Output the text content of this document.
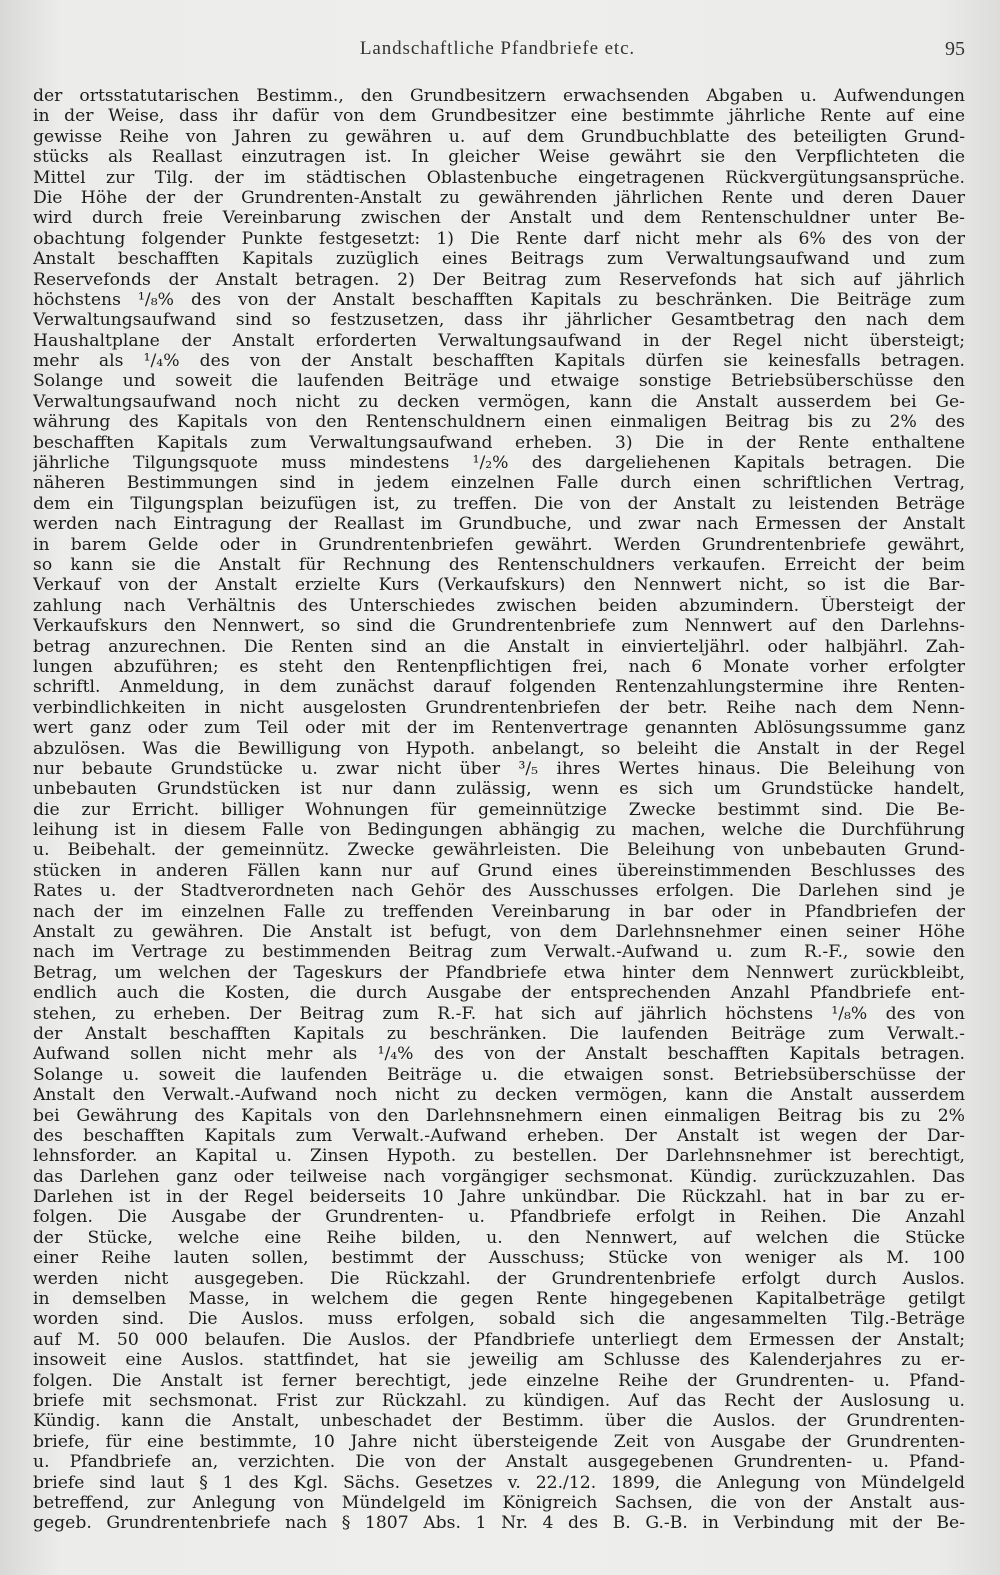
Landschaftliche Pfandbriefe etc.	95
der ortsstatutarischen Bestimm., den Grundbesitzern erwachsenden Abgaben u. Aufwendungen
in der Weise, dass ihr dafür von dem Grundbesitzer eine bestimmte jährliche Rente auf eine
gewisse Reihe von Jahren zu gewähren u. auf dem Grundbuchblatte des beteiligten Grund-
stücks als Reallast einzutragen ist. In gleicher Weise gewährt sie den Verpflichteten die
Mittel zur Tilg. der im städtischen Oblastenbuche eingetragenen Rückvergütungsansprüche.
Die Höhe der der Grundrenten-Anstalt zu gewährenden jährlichen Rente und deren Dauer
wird durch freie Vereinbarung zwischen der Anstalt und dem Rentenschuldner unter Be-
obachtung folgender Punkte festgesetzt: 1) Die Rente darf nicht mehr als 6% des von der
Anstalt beschafften Kapitals zuzüglich eines Beitrags zum Verwaltungsaufwand und zum
Reservefonds der Anstalt betragen. 2) Der Beitrag zum Reservefonds hat sich auf jährlich
höchstens ¹/₈% des von der Anstalt beschafften Kapitals zu beschränken. Die Beiträge zum
Verwaltungsaufwand sind so festzusetzen, dass ihr jährlicher Gesamtbetrag den nach dem
Haushaltplane der Anstalt erforderten Verwaltungsaufwand in der Regel nicht übersteigt;
mehr als ¹/₄% des von der Anstalt beschafften Kapitals dürfen sie keinesfalls betragen.
Solange und soweit die laufenden Beiträge und etwaige sonstige Betriebsüberschüsse den
Verwaltungsaufwand noch nicht zu decken vermögen, kann die Anstalt ausserdem bei Ge-
währung des Kapitals von den Rentenschuldnern einen einmaligen Beitrag bis zu 2% des
beschafften Kapitals zum Verwaltungsaufwand erheben. 3) Die in der Rente enthaltene
jährliche Tilgungsquote muss mindestens ¹/₂% des dargeliehenen Kapitals betragen. Die
näheren Bestimmungen sind in jedem einzelnen Falle durch einen schriftlichen Vertrag,
dem ein Tilgungsplan beizufügen ist, zu treffen. Die von der Anstalt zu leistenden Beträge
werden nach Eintragung der Reallast im Grundbuche, und zwar nach Ermessen der Anstalt
in barem Gelde oder in Grundrentenbriefen gewährt. Werden Grundrentenbriefe gewährt,
so kann sie die Anstalt für Rechnung des Rentenschuldners verkaufen. Erreicht der beim
Verkauf von der Anstalt erzielte Kurs (Verkaufskurs) den Nennwert nicht, so ist die Bar-
zahlung nach Verhältnis des Unterschiedes zwischen beiden abzumindern. Übersteigt der
Verkaufskurs den Nennwert, so sind die Grundrentenbriefe zum Nennwert auf den Darlehns-
betrag anzurechnen. Die Renten sind an die Anstalt in einvierteljährl. oder halbjährl. Zah-
lungen abzuführen; es steht den Rentenpflichtigen frei, nach 6 Monate vorher erfolgter
schriftl. Anmeldung, in dem zunächst darauf folgenden Rentenzahlungstermine ihre Renten-
verbindlichkeiten in nicht ausgelosten Grundrentenbriefen der betr. Reihe nach dem Nenn-
wert ganz oder zum Teil oder mit der im Rentenvertrage genannten Ablösungssumme ganz
abzulösen. Was die Bewilligung von Hypoth. anbelangt, so beleiht die Anstalt in der Regel
nur bebaute Grundstücke u. zwar nicht über ³/₅ ihres Wertes hinaus. Die Beleihung von
unbebauten Grundstücken ist nur dann zulässig, wenn es sich um Grundstücke handelt,
die zur Erricht. billiger Wohnungen für gemeinnützige Zwecke bestimmt sind. Die Be-
leihung ist in diesem Falle von Bedingungen abhängig zu machen, welche die Durchführung
u. Beibehalt. der gemeinnütz. Zwecke gewährleisten. Die Beleihung von unbebauten Grund-
stücken in anderen Fällen kann nur auf Grund eines übereinstimmenden Beschlusses des
Rates u. der Stadtverordneten nach Gehör des Ausschusses erfolgen. Die Darlehen sind je
nach der im einzelnen Falle zu treffenden Vereinbarung in bar oder in Pfandbriefen der
Anstalt zu gewähren. Die Anstalt ist befugt, von dem Darlehnsnehmer einen seiner Höhe
nach im Vertrage zu bestimmenden Beitrag zum Verwalt.-Aufwand u. zum R.-F., sowie den
Betrag, um welchen der Tageskurs der Pfandbriefe etwa hinter dem Nennwert zurückbleibt,
endlich auch die Kosten, die durch Ausgabe der entsprechenden Anzahl Pfandbriefe ent-
stehen, zu erheben. Der Beitrag zum R.-F. hat sich auf jährlich höchstens ¹/₈% des von
der Anstalt beschafften Kapitals zu beschränken. Die laufenden Beiträge zum Verwalt.-
Aufwand sollen nicht mehr als ¹/₄% des von der Anstalt beschafften Kapitals betragen.
Solange u. soweit die laufenden Beiträge u. die etwaigen sonst. Betriebsüberschüsse der
Anstalt den Verwalt.-Aufwand noch nicht zu decken vermögen, kann die Anstalt ausserdem
bei Gewährung des Kapitals von den Darlehnsnehmern einen einmaligen Beitrag bis zu 2%
des beschafften Kapitals zum Verwalt.-Aufwand erheben. Der Anstalt ist wegen der Dar-
lehnsforder. an Kapital u. Zinsen Hypoth. zu bestellen. Der Darlehnsnehmer ist berechtigt,
das Darlehen ganz oder teilweise nach vorgängiger sechsmonat. Kündig. zurückzuzahlen. Das
Darlehen ist in der Regel beiderseits 10 Jahre unkündbar. Die Rückzahl. hat in bar zu er-
folgen. Die Ausgabe der Grundrenten- u. Pfandbriefe erfolgt in Reihen. Die Anzahl
der Stücke, welche eine Reihe bilden, u. den Nennwert, auf welchen die Stücke
einer Reihe lauten sollen, bestimmt der Ausschuss; Stücke von weniger als M. 100
werden nicht ausgegeben. Die Rückzahl. der Grundrentenbriefe erfolgt durch Auslos.
in demselben Masse, in welchem die gegen Rente hingegebenen Kapitalbeträge getilgt
worden sind. Die Auslos. muss erfolgen, sobald sich die angesammelten Tilg.-Beträge
auf M. 50 000 belaufen. Die Auslos. der Pfandbriefe unterliegt dem Ermessen der Anstalt;
insoweit eine Auslos. stattfindet, hat sie jeweilig am Schlusse des Kalenderjahres zu er-
folgen. Die Anstalt ist ferner berechtigt, jede einzelne Reihe der Grundrenten- u. Pfand-
briefe mit sechsmonat. Frist zur Rückzahl. zu kündigen. Auf das Recht der Auslosung u.
Kündig. kann die Anstalt, unbeschadet der Bestimm. über die Auslos. der Grundrenten-
briefe, für eine bestimmte, 10 Jahre nicht übersteigende Zeit von Ausgabe der Grundrenten-
u. Pfandbriefe an, verzichten. Die von der Anstalt ausgegebenen Grundrenten- u. Pfand-
briefe sind laut § 1 des Kgl. Sächs. Gesetzes v. 22./12. 1899, die Anlegung von Mündelgeld
betreffend, zur Anlegung von Mündelgeld im Königreich Sachsen, die von der Anstalt aus-
gegeb. Grundrentenbriefe nach § 1807 Abs. 1 Nr. 4 des B. G.-B. in Verbindung mit der Be-
